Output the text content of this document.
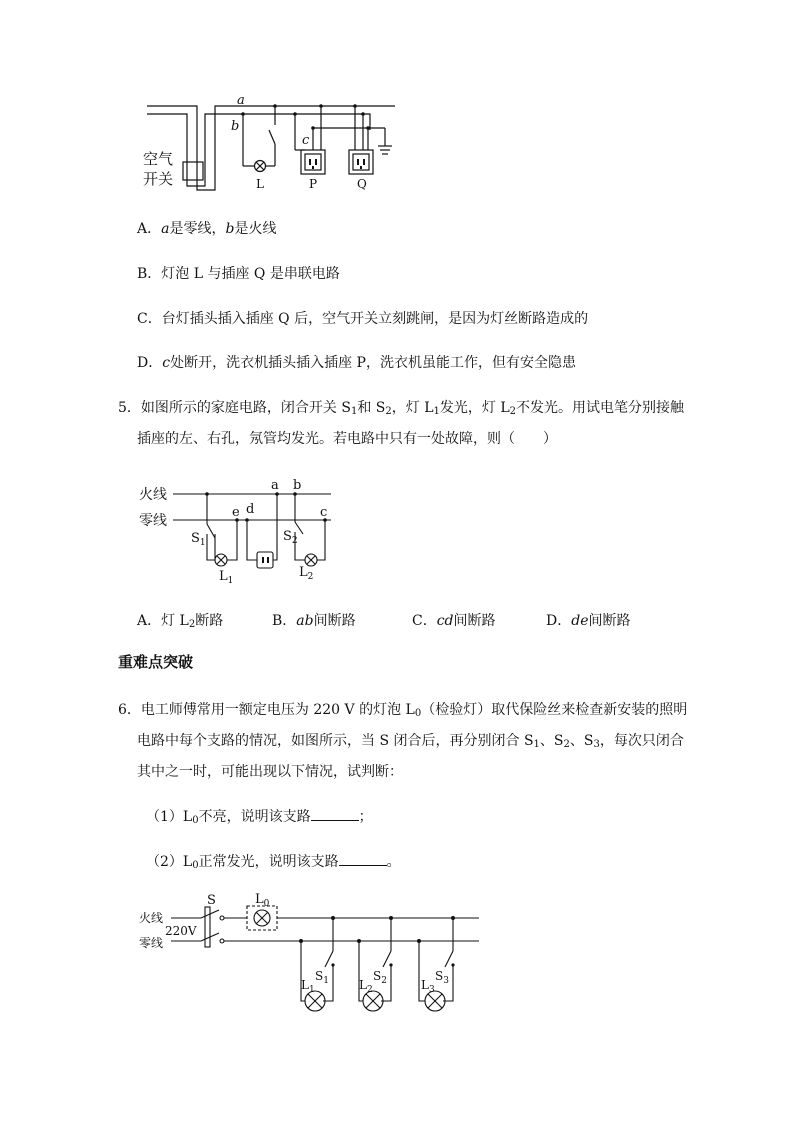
a
b
c
空气
开关	L	P	Q
A．a是零线，b是火线
B．灯泡 L 与插座 Q 是串联电路
C．台灯插头插入插座 Q 后，空气开关立刻跳闸，是因为灯丝断路造成的
D．c处断开，洗衣机插头插入插座 P，洗衣机虽能工作，但有安全隐患
5．如图所示的家庭电路，闭合开关 $S_1$和 $S_2$，灯 $L_1$发光，灯 $L_2$不发光。用试电笔分别接触
插座的左、右孔，氖管均发光。若电路中只有一处故障，则（　　）
火线
零线
a b
c
d
e
$S_1$
$L_1$
$S_2$
$L_2$
A．灯 $L_2$断路	B．ab间断路	C．cd间断路	D．de间断路
重难点突破
6．电工师傅常用一额定电压为 220 V 的灯泡 $L_0$（检验灯）取代保险丝来检查新安装的照明
电路中每个支路的情况，如图所示，当 S 闭合后，再分别闭合 $S_1$、$S_2$、$S_3$，每次只闭合
其中之一时，可能出现以下情况，试判断：
$(1)L_0$不亮，说明该支路	；
$(2)L_0$正常发光，说明该支路	。
S	$L_0$
火线
零线
220V
$S_1$
$L_1$
$S_2$
$L_2$
$S_3$
$L_3$
